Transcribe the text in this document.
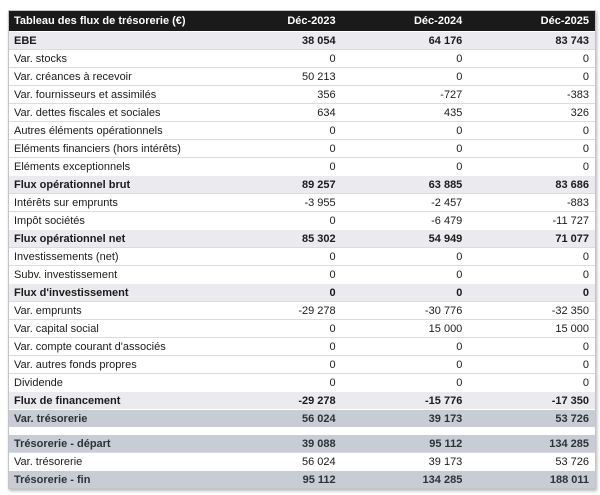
Tableau des flux de trésorerie (€)	Déc-2023	Déc-2024	Déc-2025
EBE	38 054	64 176	83 743
Var. stocks	0	0	0
Var. créances à recevoir	50 213	0	0
Var. fournisseurs et assimilés	356	-727	-383
Var. dettes fiscales et sociales	634	435	326
Autres éléments opérationnels	0	0	0
Eléments financiers (hors intérêts)	0	0	0
Eléments exceptionnels	0	0	0
Flux opérationnel brut	89 257	63 885	83 686
Intérêts sur emprunts	-3 955	-2 457	-883
Impôt sociétés	0	-6 479	-11 727
Flux opérationnel net	85 302	54 949	71 077
Investissements (net)	0	0	0
Subv. investissement	0	0	0
Flux d'investissement	0	0	0
Var. emprunts	-29 278	-30 776	-32 350
Var. capital social	0	15 000	15 000
Var. compte courant d'associés	0	0	0
Var. autres fonds propres	0	0	0
Dividende	0	0	0
Flux de financement	-29 278	-15 776	-17 350
Var. trésorerie	56 024	39 173	53 726

Trésorerie - départ	39 088	95 112	134 285
Var. trésorerie	56 024	39 173	53 726
Trésorerie - fin	95 112	134 285	188 011
